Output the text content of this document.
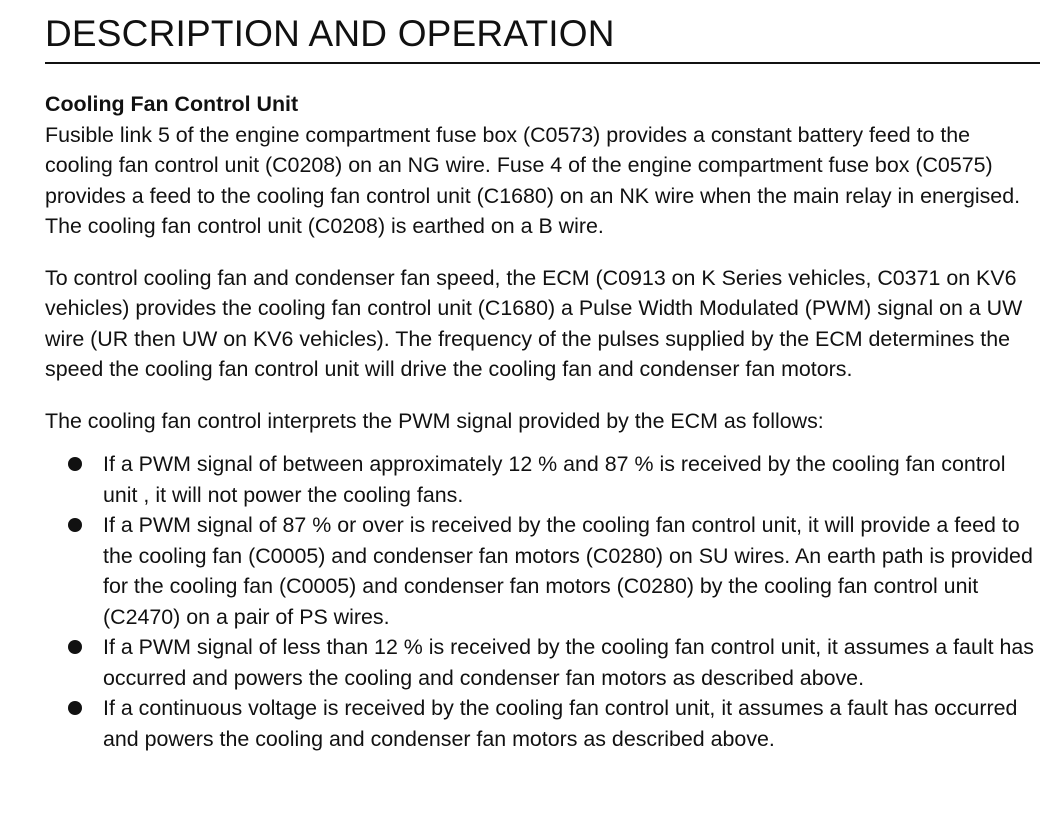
DESCRIPTION AND OPERATION
Cooling Fan Control Unit

Fusible link 5 of the engine compartment fuse box (C0573) provides a constant battery feed to the cooling fan control unit (C0208) on an NG wire. Fuse 4 of the engine compartment fuse box (C0575) provides a feed to the cooling fan control unit (C1680) on an NK wire when the main relay in energised. The cooling fan control unit (C0208) is earthed on a B wire.

To control cooling fan and condenser fan speed, the ECM (C0913 on K Series vehicles, C0371 on KV6 vehicles) provides the cooling fan control unit (C1680) a Pulse Width Modulated (PWM) signal on a UW wire (UR then UW on KV6 vehicles). The frequency of the pulses supplied by the ECM determines the speed the cooling fan control unit will drive the cooling fan and condenser fan motors.

The cooling fan control interprets the PWM signal provided by the ECM as follows:

If a PWM signal of between approximately 12 % and 87 % is received by the cooling fan control unit , it will not power the cooling fans.
If a PWM signal of 87 % or over is received by the cooling fan control unit, it will provide a feed to the cooling fan (C0005) and condenser fan motors (C0280) on SU wires. An earth path is provided for the cooling fan (C0005) and condenser fan motors (C0280) by the cooling fan control unit (C2470) on a pair of PS wires.
If a PWM signal of less than 12 % is received by the cooling fan control unit, it assumes a fault has occurred and powers the cooling and condenser fan motors as described above.
If a continuous voltage is received by the cooling fan control unit, it assumes a fault has occurred and powers the cooling and condenser fan motors as described above.
